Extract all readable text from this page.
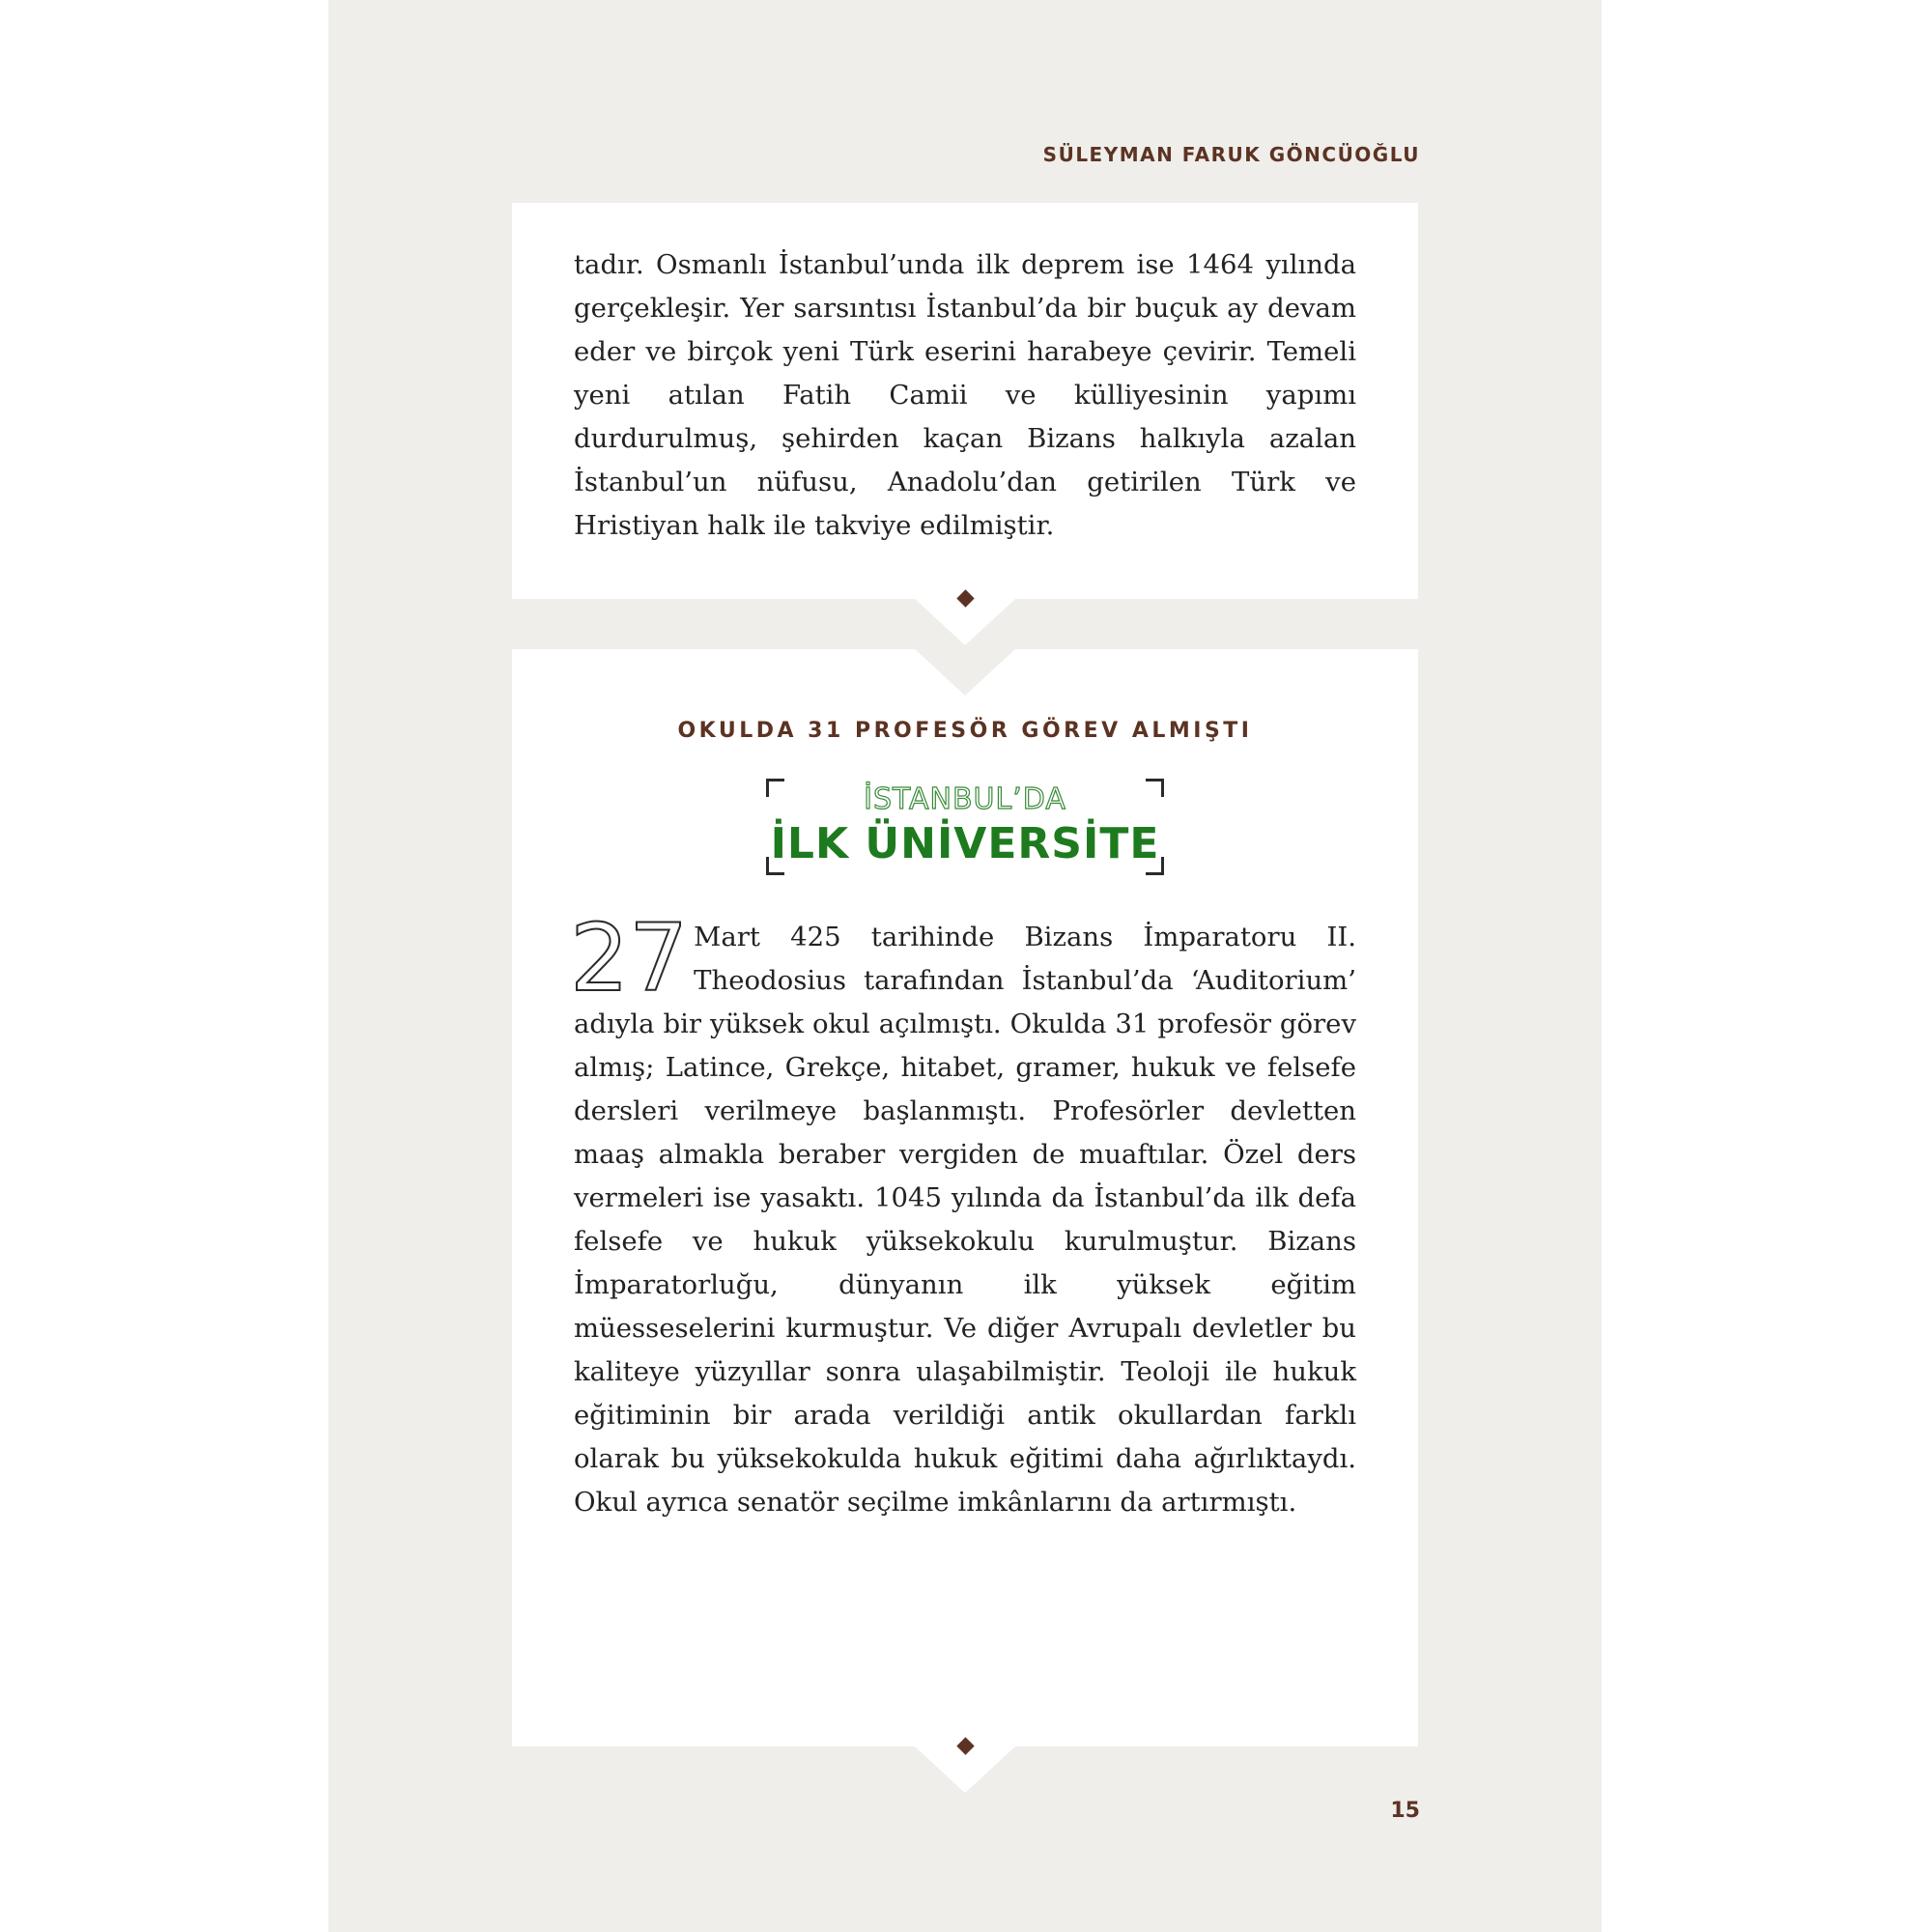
SÜLEYMAN FARUK GÖNCÜOĞLU
tadır. Osmanlı İstanbul’unda ilk deprem ise 1464 yılında gerçekleşir. Yer sarsıntısı İstanbul’da bir buçuk ay devam eder ve birçok yeni Türk eserini harabeye çevirir. Temeli yeni atılan Fatih Camii ve külliyesinin yapımı durdurulmuş, şehirden kaçan Bizans halkıyla azalan İstanbul’un nüfusu, Anadolu’dan getirilen Türk ve Hristiyan halk ile takviye edilmiştir.
OKULDA 31 PROFESÖR GÖREV ALMIŞTI
İSTANBUL’DA
İLK ÜNİVERSİTE
27 Mart 425 tarihinde Bizans İmparatoru II. Theodosius tarafından İstanbul’da ‘Auditorium’ adıyla bir yüksek okul açılmıştı. Okulda 31 profesör görev almış; Latince, Grekçe, hitabet, gramer, hukuk ve felsefe dersleri verilmeye başlanmıştı. Profesörler devletten maaş almakla beraber vergiden de muaftılar. Özel ders vermeleri ise yasaktı. 1045 yılında da İstanbul’da ilk defa felsefe ve hukuk yüksekokulu kurulmuştur. Bizans İmparatorluğu, dünyanın ilk yüksek eğitim müesseselerini kurmuştur. Ve diğer Avrupalı devletler bu kaliteye yüzyıllar sonra ulaşabilmiştir. Teoloji ile hukuk eğitiminin bir arada verildiği antik okullardan farklı olarak bu yüksekokulda hukuk eğitimi daha ağırlıktaydı. Okul ayrıca senatör seçilme imkânlarını da artırmıştı.
15
